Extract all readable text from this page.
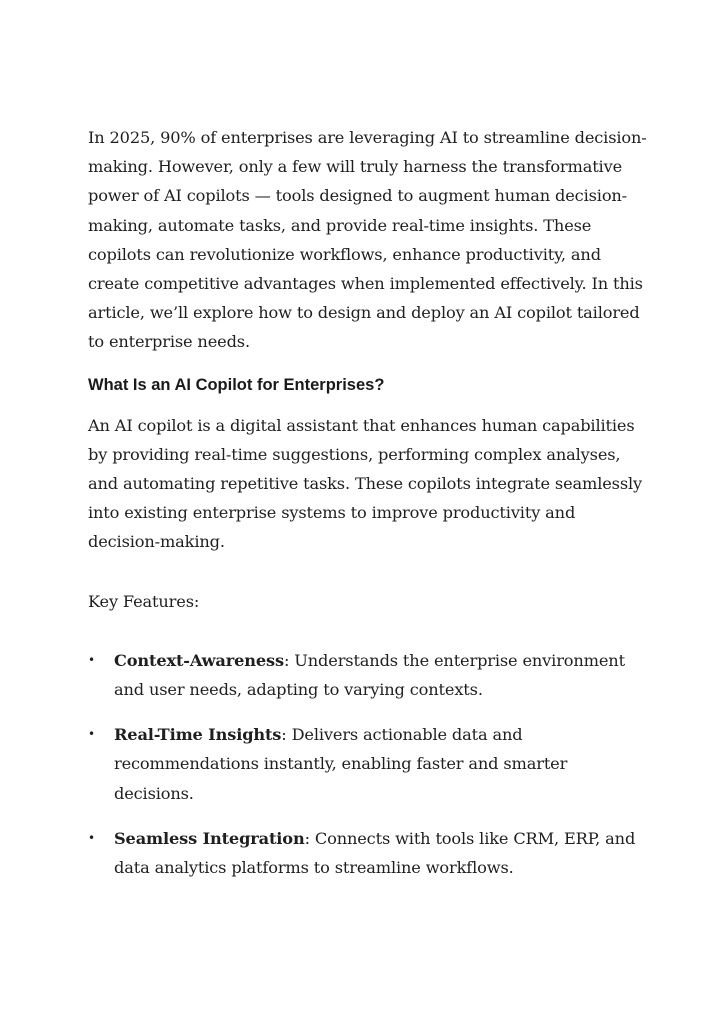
In 2025, 90% of enterprises are leveraging AI to streamline decision-making. However, only a few will truly harness the transformative power of AI copilots — tools designed to augment human decision-making, automate tasks, and provide real-time insights. These copilots can revolutionize workflows, enhance productivity, and create competitive advantages when implemented effectively. In this article, we’ll explore how to design and deploy an AI copilot tailored to enterprise needs.

What Is an AI Copilot for Enterprises?

An AI copilot is a digital assistant that enhances human capabilities by providing real-time suggestions, performing complex analyses, and automating repetitive tasks. These copilots integrate seamlessly into existing enterprise systems to improve productivity and decision-making.

Key Features:

• Context-Awareness: Understands the enterprise environment and user needs, adapting to varying contexts.
• Real-Time Insights: Delivers actionable data and recommendations instantly, enabling faster and smarter decisions.
• Seamless Integration: Connects with tools like CRM, ERP, and data analytics platforms to streamline workflows.
